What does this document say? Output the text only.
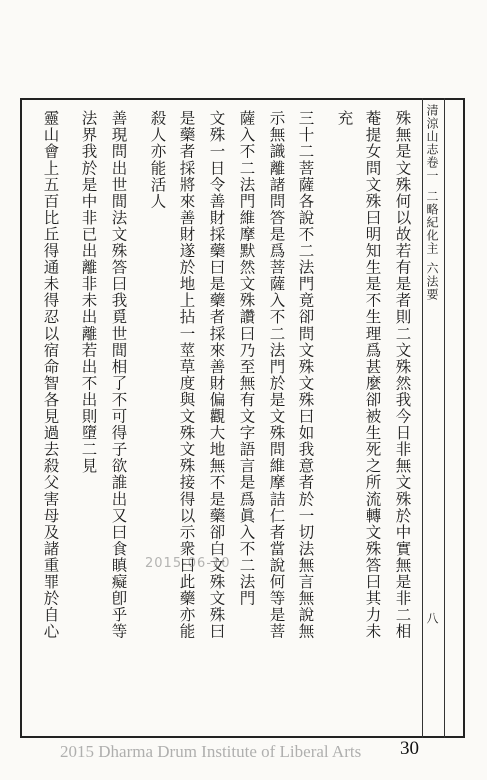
清涼山志卷一
二略紀化主
六法要
八
殊無是文殊何以故若有是者則二文殊然我今日非無文殊於中實無是非二相
菴提女問文殊曰明知生是不生理爲甚麼卻被生死之所流轉文殊答曰其力未
充
三十二菩薩各說不二法門竟卻問文殊文殊曰如我意者於一切法無言無說無
示無識離諸問答是爲菩薩入不二法門於是文殊問維摩詰仁者當說何等是菩
薩入不二法門維摩默然文殊讚曰乃至無有文字語言是爲眞入不二法門
文殊一日令善財採藥曰是藥者採來善財偏觀大地無不是藥卻白文殊文殊曰
是藥者採將來善財遂於地上拈一莖草度與文殊文殊接得以示衆曰此藥亦能
殺人亦能活人
善現問出世間法文殊答曰我覓世間相了不可得子欲誰出又曰食瞋癡卽乎等
法界我於是中非已出離非未出離若出不出則墮二見
靈山會上五百比丘得通未得忍以宿命智各見過去殺父害母及諸重罪於自心	2015-06-10
2015 Dharma Drum Institute of Liberal Arts 30
